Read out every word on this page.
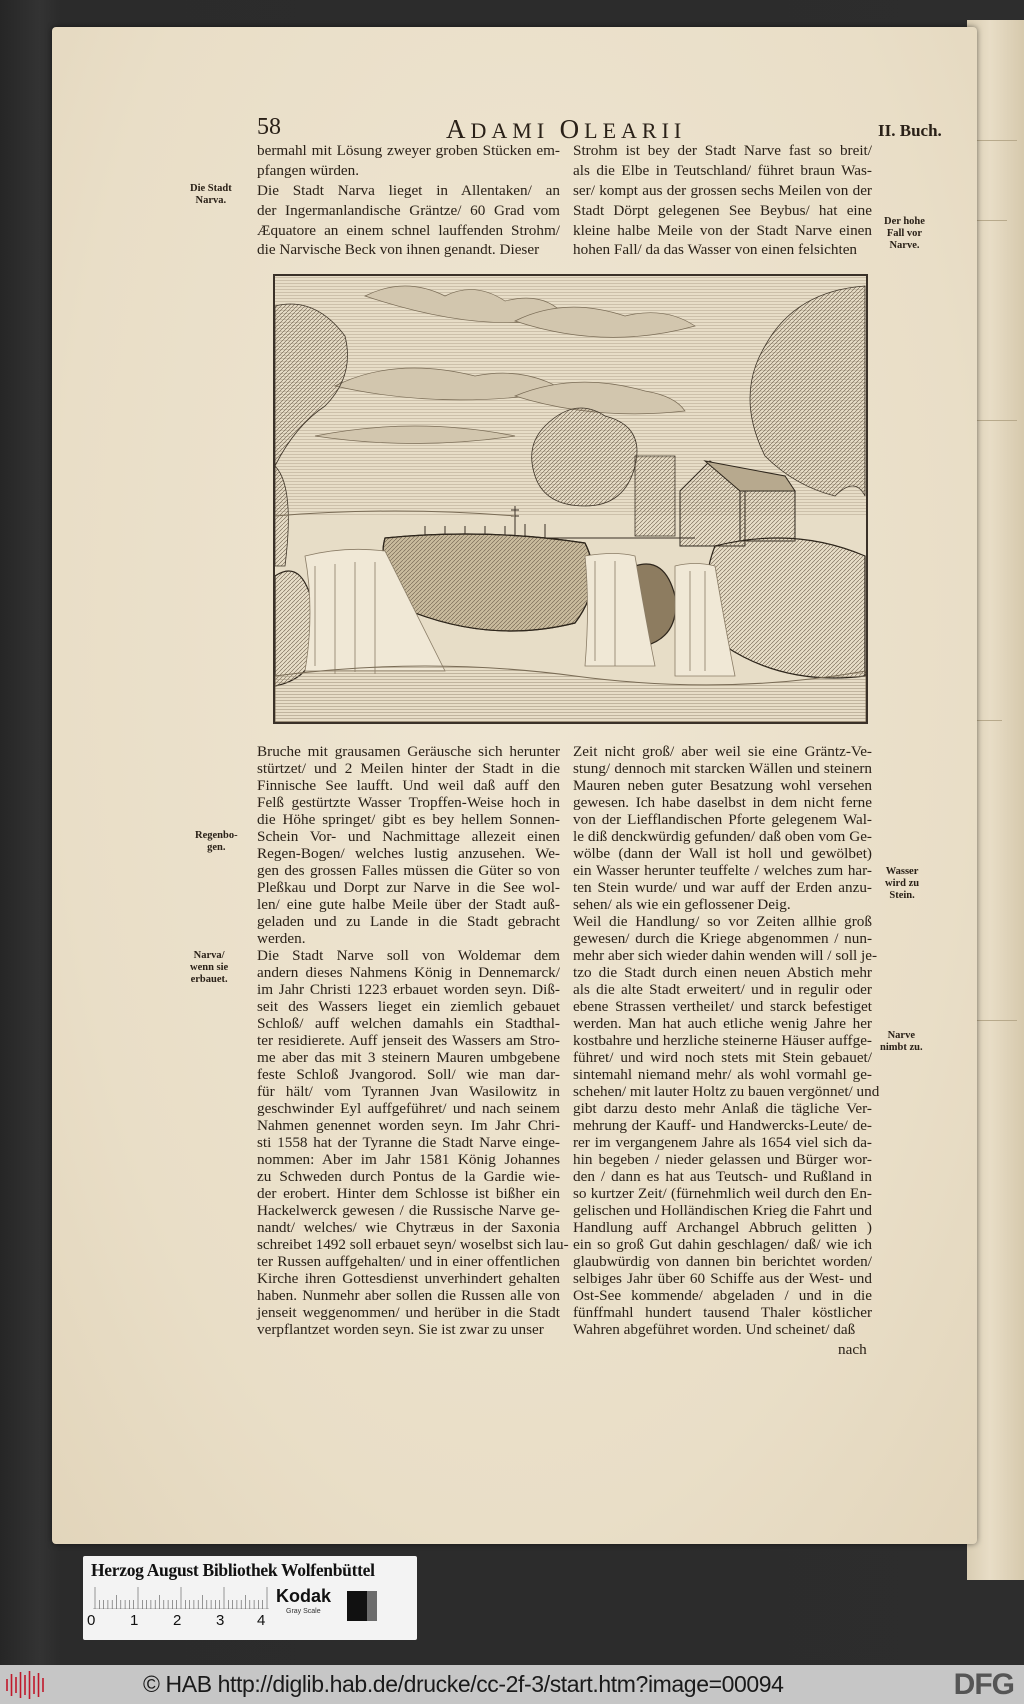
58	ADAMI OLEARII	II. Buch.
bermahl mit Lösung zweyer groben Stücken em-
pfangen würden.
Die Stadt Narva lieget in Allentaken/ an
der Ingermanlandische Gräntze/ 60 Grad vom
Æquatore an einem schnel lauffenden Strohm/
die Narvische Beck von ihnen genandt. Dieser
Strohm ist bey der Stadt Narve fast so breit/
als die Elbe in Teutschland/ führet braun Was-
ser/ kompt aus der grossen sechs Meilen von der
Stadt Dörpt gelegenen See Beybus/ hat eine
kleine halbe Meile von der Stadt Narve einen
hohen Fall/ da das Wasser von einen felsichten
Bruche mit grausamen Geräusche sich herunter
stürtzet/ und 2 Meilen hinter der Stadt in die
Finnische See laufft. Und weil daß auff den
Felß gestürtzte Wasser Tropffen-Weise hoch in
die Höhe springet/ gibt es bey hellem Sonnen-
Schein Vor- und Nachmittage allezeit einen
Regen-Bogen/ welches lustig anzusehen. We-
gen des grossen Falles müssen die Güter so von
Pleßkau und Dorpt zur Narve in die See wol-
len/ eine gute halbe Meile über der Stadt auß-
geladen und zu Lande in die Stadt gebracht
werden.
Die Stadt Narve soll von Woldemar dem
andern dieses Nahmens König in Dennemarck/
im Jahr Christi 1223 erbauet worden seyn. Diß-
seit des Wassers lieget ein ziemlich gebauet
Schloß/ auff welchen damahls ein Stadthal-
ter residierete. Auff jenseit des Wassers am Stro-
me aber das mit 3 steinern Mauren umbgebene
feste Schloß Jvangorod. Soll/ wie man dar-
für hält/ vom Tyrannen Jvan Wasilowitz in
geschwinder Eyl auffgeführet/ und nach seinem
Nahmen genennet worden seyn. Im Jahr Chri-
sti 1558 hat der Tyranne die Stadt Narve einge-
nommen: Aber im Jahr 1581 König Johannes
zu Schweden durch Pontus de la Gardie wie-
der erobert. Hinter dem Schlosse ist bißher ein
Hackelwerck gewesen / die Russische Narve ge-
nandt/ welches/ wie Chytræus in der Saxonia
schreibet 1492 soll erbauet seyn/ woselbst sich lau-
ter Russen auffgehalten/ und in einer offentlichen
Kirche ihren Gottesdienst unverhindert gehalten
haben. Nunmehr aber sollen die Russen alle von
jenseit weggenommen/ und herüber in die Stadt
verpflantzet worden seyn. Sie ist zwar zu unser
Zeit nicht groß/ aber weil sie eine Gräntz-Ve-
stung/ dennoch mit starcken Wällen und steinern
Mauren neben guter Besatzung wohl versehen
gewesen. Ich habe daselbst in dem nicht ferne
von der Liefflandischen Pforte gelegenem Wal-
le diß denckwürdig gefunden/ daß oben vom Ge-
wölbe (dann der Wall ist holl und gewölbet)
ein Wasser herunter teuffelte / welches zum har-
ten Stein wurde/ und war auff der Erden anzu-
sehen/ als wie ein geflossener Deig.
Weil die Handlung/ so vor Zeiten allhie groß
gewesen/ durch die Kriege abgenommen / nun-
mehr aber sich wieder dahin wenden will / soll je-
tzo die Stadt durch einen neuen Abstich mehr
als die alte Stadt erweitert/ und in regulir oder
ebene Strassen vertheilet/ und starck befestiget
werden. Man hat auch etliche wenig Jahre her
kostbahre und herzliche steinerne Häuser auffge-
führet/ und wird noch stets mit Stein gebauet/
sintemahl niemand mehr/ als wohl vormahl ge-
schehen/ mit lauter Holtz zu bauen vergönnet/ und
gibt darzu desto mehr Anlaß die tägliche Ver-
mehrung der Kauff- und Handwercks-Leute/ de-
rer im vergangenem Jahre als 1654 viel sich da-
hin begeben / nieder gelassen und Bürger wor-
den / dann es hat aus Teutsch- und Rußland in
so kurtzer Zeit/ (fürnehmlich weil durch den En-
gelischen und Holländischen Krieg die Fahrt und
Handlung auff Archangel Abbruch gelitten )
ein so groß Gut dahin geschlagen/ daß/ wie ich
glaubwürdig von dannen bin berichtet worden/
selbiges Jahr über 60 Schiffe aus der West- und
Ost-See kommende/ abgeladen / und in die
fünffmahl hundert tausend Thaler köstlicher
Wahren abgeführet worden. Und scheinet/ daß
nach
Die Stadt
Narva.
Der hohe
Fall vor
Narve.
Regenbo-
gen.
Narva/
wenn sie
erbauet.
Wasser
wird zu
Stein.
Narve
nimbt zu.
Herzog August Bibliothek Wolfenbüttel
0 1 2 3 4
Kodak
Gray Scale
© HAB http://diglib.hab.de/drucke/cc-2f-3/start.htm?image=00094	DFG
